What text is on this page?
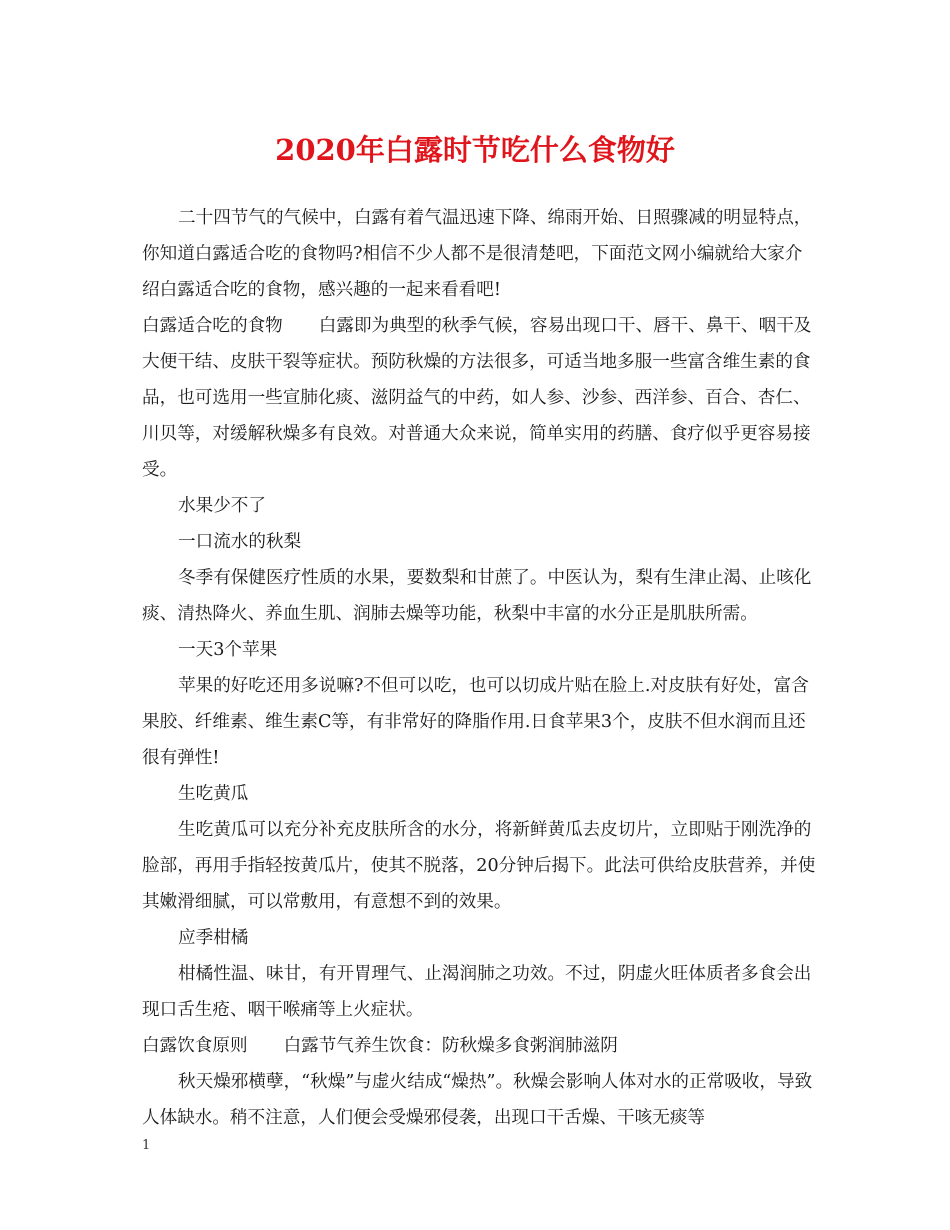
2020年白露时节吃什么食物好

二十四节气的气候中，白露有着气温迅速下降、绵雨开始、日照骤减的明显特点，你知道白露适合吃的食物吗?相信不少人都不是很清楚吧，下面范文网小编就给大家介绍白露适合吃的食物，感兴趣的一起来看看吧!

白露适合吃的食物 白露即为典型的秋季气候，容易出现口干、唇干、鼻干、咽干及大便干结、皮肤干裂等症状。预防秋燥的方法很多，可适当地多服一些富含维生素的食品，也可选用一些宣肺化痰、滋阴益气的中药，如人参、沙参、西洋参、百合、杏仁、川贝等，对缓解秋燥多有良效。对普通大众来说，简单实用的药膳、食疗似乎更容易接受。

水果少不了

一口流水的秋梨

冬季有保健医疗性质的水果，要数梨和甘蔗了。中医认为，梨有生津止渴、止咳化痰、清热降火、养血生肌、润肺去燥等功能，秋梨中丰富的水分正是肌肤所需。

一天3个苹果

苹果的好吃还用多说嘛?不但可以吃，也可以切成片贴在脸上.对皮肤有好处，富含果胶、纤维素、维生素C等，有非常好的降脂作用.日食苹果3个，皮肤不但水润而且还很有弹性!

生吃黄瓜

生吃黄瓜可以充分补充皮肤所含的水分，将新鲜黄瓜去皮切片，立即贴于刚洗净的脸部，再用手指轻按黄瓜片，使其不脱落，20分钟后揭下。此法可供给皮肤营养，并使其嫩滑细腻，可以常敷用，有意想不到的效果。

应季柑橘

柑橘性温、味甘，有开胃理气、止渴润肺之功效。不过，阴虚火旺体质者多食会出现口舌生疮、咽干喉痛等上火症状。

白露饮食原则 白露节气养生饮食：防秋燥多食粥润肺滋阴

秋天燥邪横孽，“秋燥”与虚火结成“燥热”。秋燥会影响人体对水的正常吸收，导致人体缺水。稍不注意，人们便会受燥邪侵袭，出现口干舌燥、干咳无痰等

1
